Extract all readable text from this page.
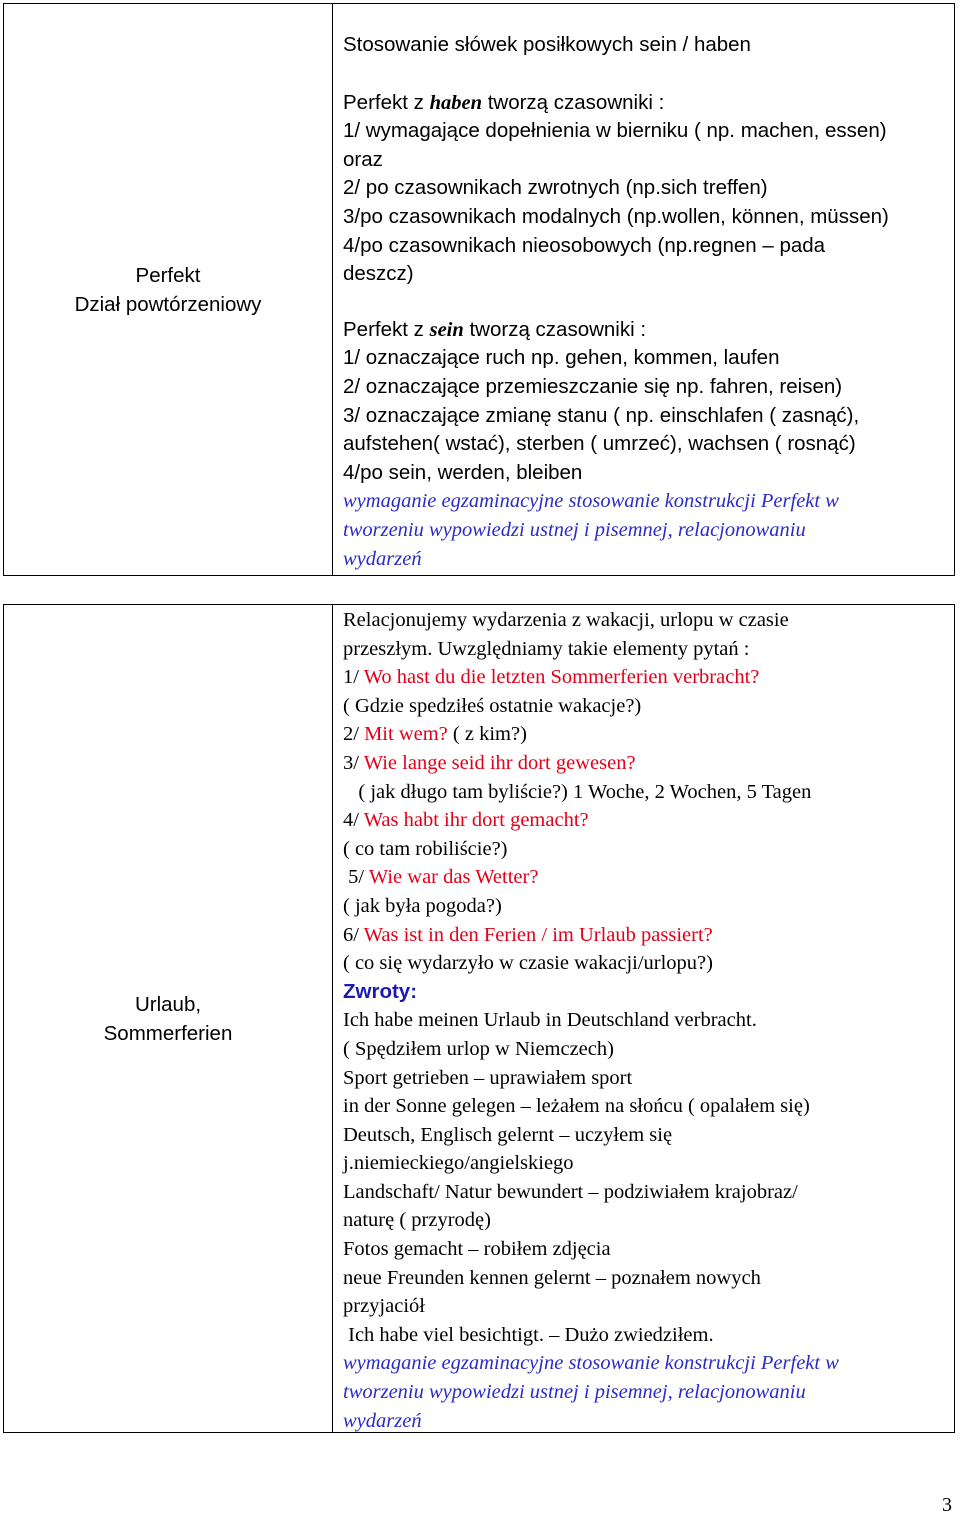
Perfekt
Dział powtórzeniowy
Stosowanie słówek posiłkowych sein / haben
Perfekt z haben tworzą czasowniki :
1/ wymagające dopełnienia w bierniku ( np. machen, essen)
oraz
2/ po czasownikach zwrotnych (np.sich treffen)
3/po czasownikach modalnych (np.wollen, können, müssen)
4/po czasownikach nieosobowych (np.regnen – pada
deszcz)
Perfekt z sein tworzą czasowniki :
1/ oznaczające ruch np. gehen, kommen, laufen
2/ oznaczające przemieszczanie się np. fahren, reisen)
3/ oznaczające zmianę stanu ( np. einschlafen ( zasnąć),
aufstehen( wstać), sterben ( umrzeć), wachsen ( rosnąć)
4/po sein, werden, bleiben
wymaganie egzaminacyjne stosowanie konstrukcji Perfekt w
tworzeniu wypowiedzi ustnej i pisemnej, relacjonowaniu
wydarzeń
Urlaub,
Sommerferien
Relacjonujemy wydarzenia z wakacji, urlopu w czasie
przeszłym. Uwzględniamy takie elementy pytań :
1/ Wo hast du die letzten Sommerferien verbracht?
( Gdzie spedziłeś ostatnie wakacje?)
2/ Mit wem? ( z kim?)
3/ Wie lange seid ihr dort gewesen?
( jak długo tam byliście?) 1 Woche, 2 Wochen, 5 Tagen
4/ Was habt ihr dort gemacht?
( co tam robiliście?)
5/ Wie war das Wetter?
( jak była pogoda?)
6/ Was ist in den Ferien / im Urlaub passiert?
( co się wydarzyło w czasie wakacji/urlopu?)
Zwroty:
Ich habe meinen Urlaub in Deutschland verbracht.
( Spędziłem urlop w Niemczech)
Sport getrieben – uprawiałem sport
in der Sonne gelegen – leżałem na słońcu ( opalałem się)
Deutsch, Englisch gelernt – uczyłem się
j.niemieckiego/angielskiego
Landschaft/ Natur bewundert – podziwiałem krajobraz/
naturę ( przyrodę)
Fotos gemacht – robiłem zdjęcia
neue Freunden kennen gelernt – poznałem nowych
przyjaciół
Ich habe viel besichtigt. – Dużo zwiedziłem.
wymaganie egzaminacyjne stosowanie konstrukcji Perfekt w
tworzeniu wypowiedzi ustnej i pisemnej, relacjonowaniu
wydarzeń
3
